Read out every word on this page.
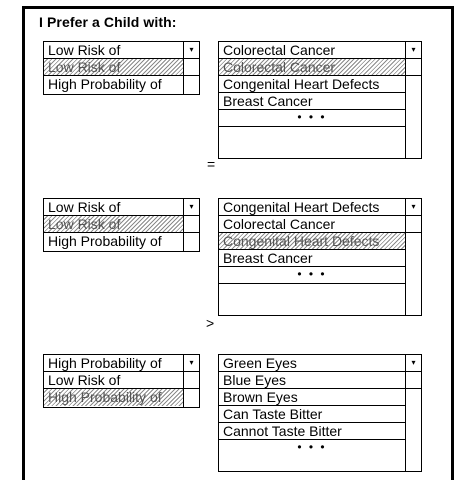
I Prefer a Child with:
Low Risk of
Low Risk of
High Probability of
▾	Colorectal Cancer
Colorectal Cancer
Congenital Heart Defects
Breast Cancer
• • •
▾
=
Low Risk of
Low Risk of
High Probability of
▾	Congenital Heart Defects
Colorectal Cancer
Congenital Heart Defects
Breast Cancer
• • •
▾
>
High Probability of
Low Risk of
High Probability of
▾	Green Eyes
Blue Eyes
Brown Eyes
Can Taste Bitter
Cannot Taste Bitter
• • •
▾
